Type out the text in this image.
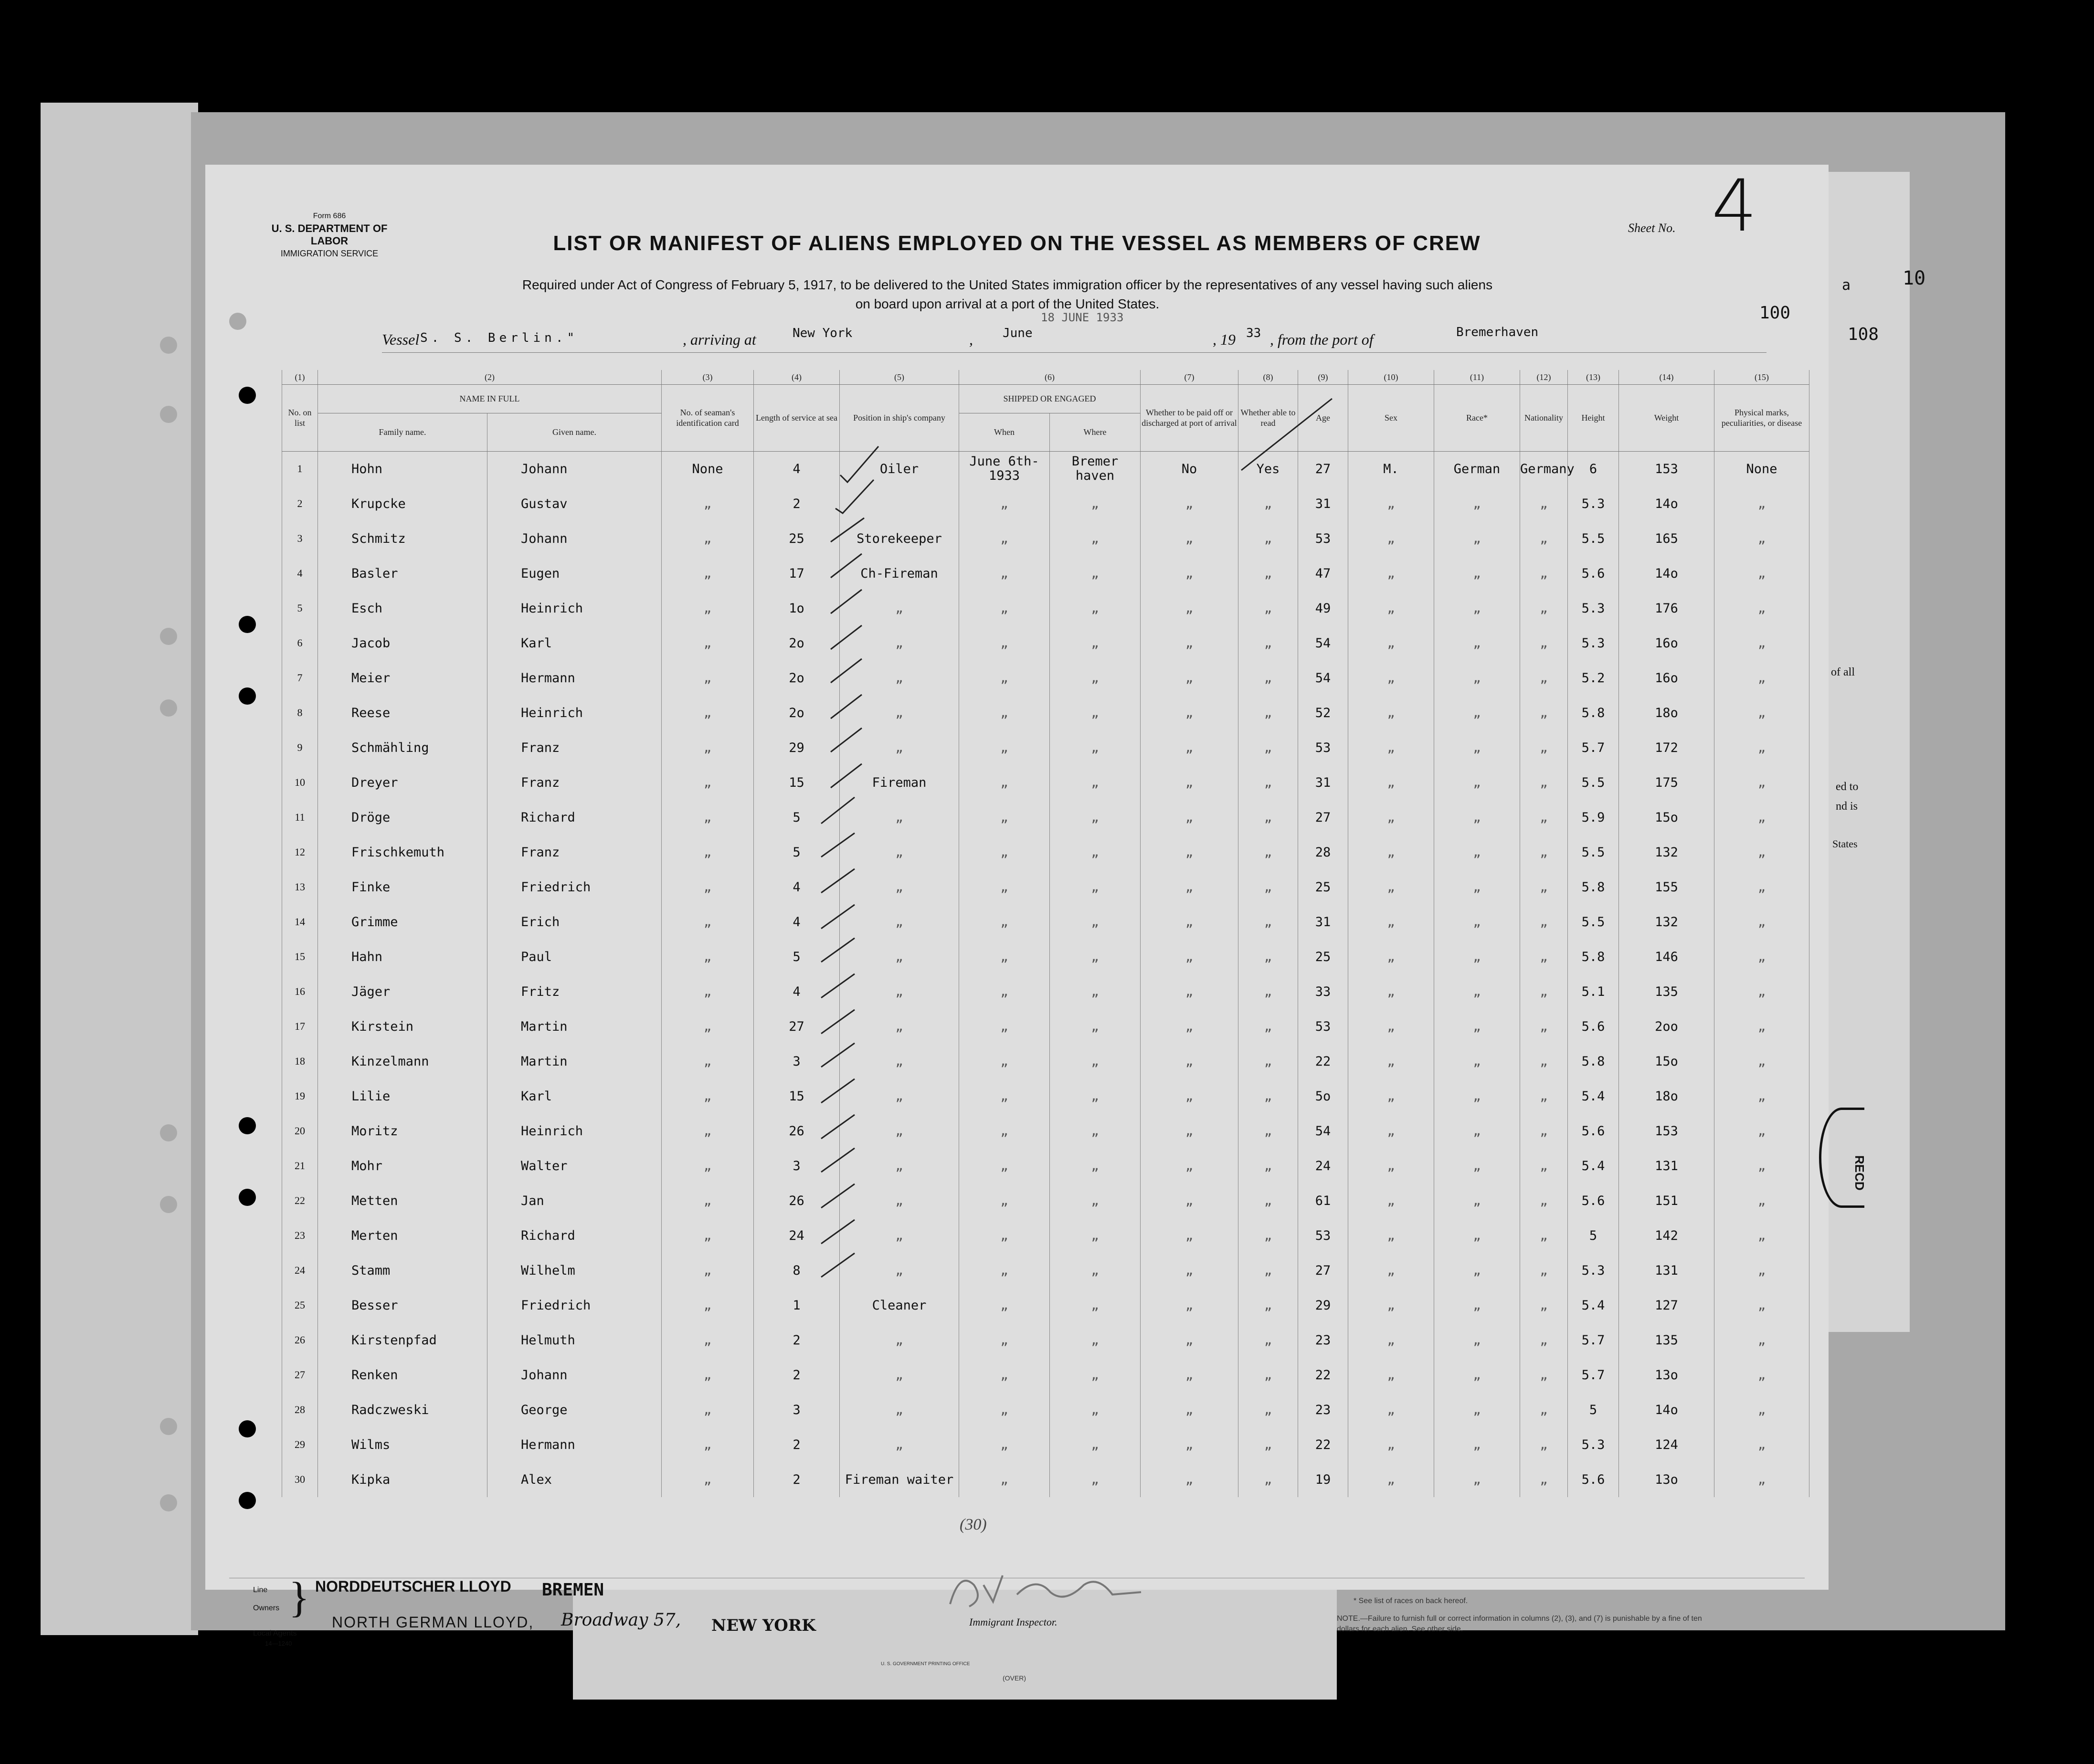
Form 686
U. S. DEPARTMENT OF LABOR
IMMIGRATION SERVICE	LIST OR MANIFEST OF ALIENS EMPLOYED ON THE VESSEL AS MEMBERS OF CREW
Required under Act of Congress of February 5, 1917, to be delivered to the United States immigration officer by the representatives of any vessel having such aliens
on board upon arrival at a port of the United States.
Sheet No. 4
100
Vessel S. S. Berlin."	, arriving at	New York	, June
18 JUNE 1933
, 19 33 , from the port of	Bremerhaven
(1)	(2)		(3)	(4)	(5)	(6)		(7)	(8)	(9)	(10)	(11)	(12)	(13)	(14)	(15)
No. on list	NAME IN FULL		No. of seaman's identification card	Length of service at sea	Position in ship's company	SHIPPED OR ENGAGED		Whether to be paid off or discharged at port of arrival	Whether able to read	Age	Sex	Race*	Nationality	Height	Weight	Physical marks, peculiarities, or disease
	Family name.	Given name.				When	Where									
1	Hohn	Johann	None	4	Oiler	June 6th-1933	Bremer haven	No	Yes	27	M.	German	Germany	6	153	None
2	Krupcke	Gustav	„	2		„	„	„	„	31	„	„	„	5.3	14o	„
3	Schmitz	Johann	„	25	Storekeeper	„	„	„	„	53	„	„	„	5.5	165	„
4	Basler	Eugen	„	17	Ch-Fireman	„	„	„	„	47	„	„	„	5.6	14o	„
5	Esch	Heinrich	„	1o	„	„	„	„	„	49	„	„	„	5.3	176	„
6	Jacob	Karl	„	2o	„	„	„	„	„	54	„	„	„	5.3	16o	„
7	Meier	Hermann	„	2o	„	„	„	„	„	54	„	„	„	5.2	16o	„
8	Reese	Heinrich	„	2o	„	„	„	„	„	52	„	„	„	5.8	18o	„
9	Schmähling	Franz	„	29	„	„	„	„	„	53	„	„	„	5.7	172	„
10	Dreyer	Franz	„	15	Fireman	„	„	„	„	31	„	„	„	5.5	175	„
11	Dröge	Richard	„	5	„	„	„	„	„	27	„	„	„	5.9	15o	„
12	Frischkemuth	Franz	„	5	„	„	„	„	„	28	„	„	„	5.5	132	„
13	Finke	Friedrich	„	4	„	„	„	„	„	25	„	„	„	5.8	155	„
14	Grimme	Erich	„	4	„	„	„	„	„	31	„	„	„	5.5	132	„
15	Hahn	Paul	„	5	„	„	„	„	„	25	„	„	„	5.8	146	„
16	Jäger	Fritz	„	4	„	„	„	„	„	33	„	„	„	5.1	135	„
17	Kirstein	Martin	„	27	„	„	„	„	„	53	„	„	„	5.6	2oo	„
18	Kinzelmann	Martin	„	3	„	„	„	„	„	22	„	„	„	5.8	15o	„
19	Lilie	Karl	„	15	„	„	„	„	„	5o	„	„	„	5.4	18o	„
20	Moritz	Heinrich	„	26	„	„	„	„	„	54	„	„	„	5.6	153	„
21	Mohr	Walter	„	3	„	„	„	„	„	24	„	„	„	5.4	131	„
22	Metten	Jan	„	26	„	„	„	„	„	61	„	„	„	5.6	151	„
23	Merten	Richard	„	24	„	„	„	„	„	53	„	„	„	5	142	„
24	Stamm	Wilhelm	„	8	„	„	„	„	„	27	„	„	„	5.3	131	„
25	Besser	Friedrich	„	1	Cleaner	„	„	„	„	29	„	„	„	5.4	127	„
26	Kirstenpfad	Helmuth	„	2	„	„	„	„	„	23	„	„	„	5.7	135	„
27	Renken	Johann	„	2	„	„	„	„	„	22	„	„	„	5.7	13o	„
28	Radczweski	George	„	3	„	„	„	„	„	23	„	„	„	5	14o	„
29	Wilms	Hermann	„	2	„	„	„	„	„	22	„	„	„	5.3	124	„
30	Kipka	Alex	„	2	Fireman waiter	„	„	„	„	19	„	„	„	5.6	13o	„
(30)
Line
Owners
Local Agents
14—1240
} NORDDEUTSCHER LLOYD BREMEN
NORTH GERMAN LLOYD, Broadway 57, NEW YORK	Immigrant Inspector.
* See list of races on back hereof.
NOTE.—Failure to furnish full or correct information in columns (2), (3), and (7) is punishable by a fine of ten dollars for each alien. See other side.
U. S. GOVERNMENT PRINTING OFFICE
(OVER)
a	10
108
of all
ed to
nd is
States
RECD
